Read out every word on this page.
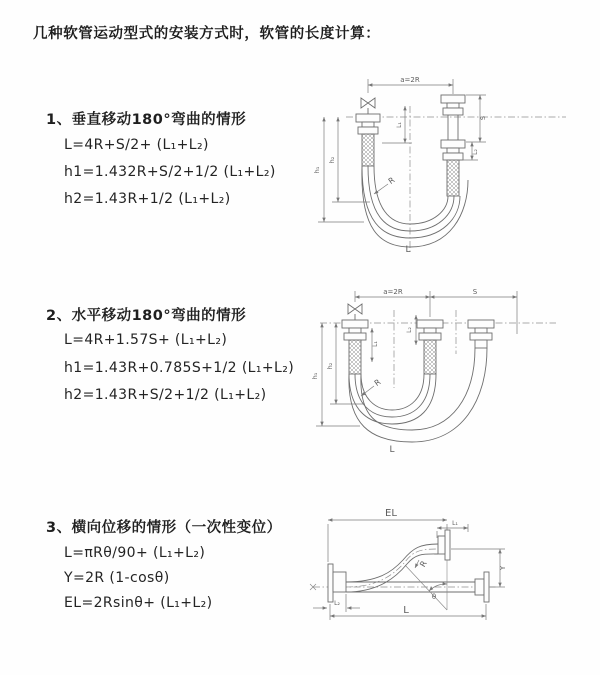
几种软管运动型式的安装方式时，软管的长度计算：
1、垂直移动180°弯曲的情形
L=4R+S/2+ (L₁+L₂)
h1=1.432R+S/2+1/2 (L₁+L₂)
h2=1.43R+1/2 (L₁+L₂)
a=2R
h₁
h₂
L₁
S
L₂
R
L
2、水平移动180°弯曲的情形
L=4R+1.57S+ (L₁+L₂)
h1=1.43R+0.785S+1/2 (L₁+L₂)
h2=1.43R+S/2+1/2 (L₁+L₂)
a=2R	S
h₁
h₂
L₁
L₂
R
L
3、横向位移的情形（一次性变位）
L=πRθ/90+ (L₁+L₂)
Y=2R (1-cosθ)
EL=2Rsinθ+ (L₁+L₂)
EL
L₁
θ
R	Y
L₂
L
